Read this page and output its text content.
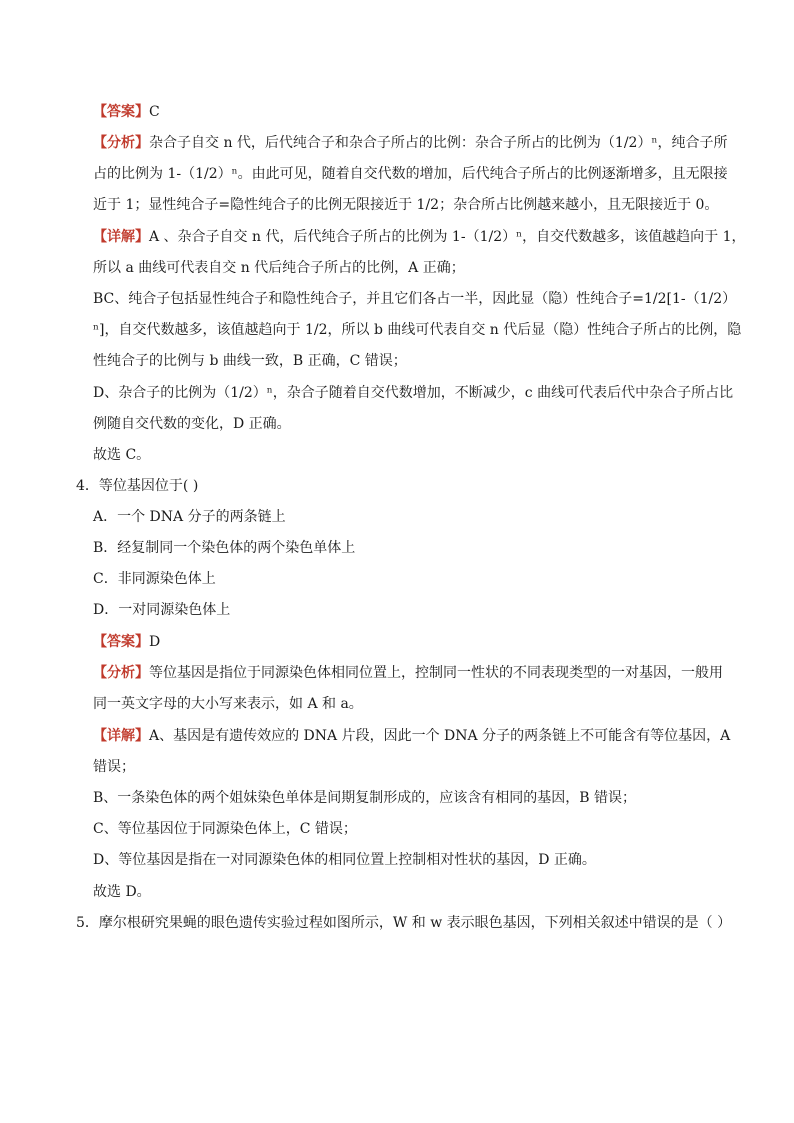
【答案】C
【分析】杂合子自交 n 代，后代纯合子和杂合子所占的比例：杂合子所占的比例为（1/2）ⁿ，纯合子所
占的比例为 1-（1/2）ⁿ。由此可见，随着自交代数的增加，后代纯合子所占的比例逐渐增多，且无限接
近于 1；显性纯合子=隐性纯合子的比例无限接近于 1/2；杂合所占比例越来越小，且无限接近于 0。
【详解】A 、杂合子自交 n 代，后代纯合子所占的比例为 1-（1/2）ⁿ，自交代数越多，该值越趋向于 1，
所以 a 曲线可代表自交 n 代后纯合子所占的比例，A 正确；
BC、纯合子包括显性纯合子和隐性纯合子，并且它们各占一半，因此显（隐）性纯合子=1/2[1-（1/2）
ⁿ]，自交代数越多，该值越趋向于 1/2，所以 b 曲线可代表自交 n 代后显（隐）性纯合子所占的比例，隐
性纯合子的比例与 b 曲线一致，B 正确，C 错误；
D、杂合子的比例为（1/2）ⁿ，杂合子随着自交代数增加，不断减少，c 曲线可代表后代中杂合子所占比
例随自交代数的变化，D 正确。
故选 C。
4．等位基因位于( )
A．一个 DNA 分子的两条链上
B．经复制同一个染色体的两个染色单体上
C．非同源染色体上
D．一对同源染色体上
【答案】D
【分析】等位基因是指位于同源染色体相同位置上，控制同一性状的不同表现类型的一对基因，一般用
同一英文字母的大小写来表示，如 A 和 a。
【详解】A、基因是有遗传效应的 DNA 片段，因此一个 DNA 分子的两条链上不可能含有等位基因，A
错误；
B、一条染色体的两个姐妹染色单体是间期复制形成的，应该含有相同的基因，B 错误；
C、等位基因位于同源染色体上，C 错误；
D、等位基因是指在一对同源染色体的相同位置上控制相对性状的基因，D 正确。
故选 D。
5．摩尔根研究果蝇的眼色遗传实验过程如图所示，W 和 w 表示眼色基因，下列相关叙述中错误的是（ ）
